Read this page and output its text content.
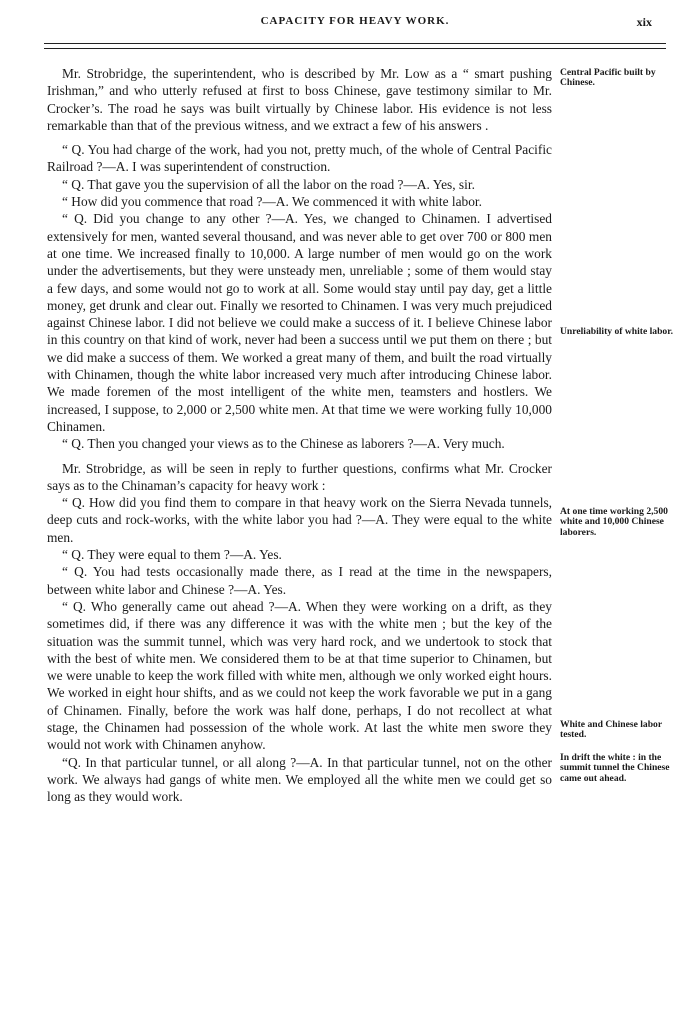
CAPACITY FOR HEAVY WORK.	xix

Mr. Strobridge, the superintendent, who is described by Mr. Low as a “ smart pushing Irishman,” and who utterly refused at first to boss Chinese, gave testimony similar to Mr. Crocker’s. The road he says was built virtually by Chinese labor. His evidence is not less remarkable than that of the previous witness, and we extract a few of his answers .

“ Q. You had charge of the work, had you not, pretty much, of the whole of Central Pacific Railroad ?—A. I was superintendent of construction.

“ Q. That gave you the supervision of all the labor on the road ?—A. Yes, sir.

“ How did you commence that road ?—A. We commenced it with white labor.

“ Q. Did you change to any other ?—A. Yes, we changed to Chinamen. I advertised extensively for men, wanted several thousand, and was never able to get over 700 or 800 men at one time. We increased finally to 10,000. A large number of men would go on the work under the advertisements, but they were unsteady men, unreliable ; some of them would stay a few days, and some would not go to work at all. Some would stay until pay day, get a little money, get drunk and clear out. Finally we resorted to Chinamen. I was very much prejudiced against Chinese labor. I did not believe we could make a success of it. I believe Chinese labor in this country on that kind of work, never had been a success until we put them on there ; but we did make a success of them. We worked a great many of them, and built the road virtually with Chinamen, though the white labor increased very much after introducing Chinese labor. We made foremen of the most intelligent of the white men, teamsters and hostlers. We increased, I suppose, to 2,000 or 2,500 white men. At that time we were working fully 10,000 Chinamen.

“ Q. Then you changed your views as to the Chinese as laborers ?—A. Very much.

Mr. Strobridge, as will be seen in reply to further questions, confirms what Mr. Crocker says as to the Chinaman’s capacity for heavy work :

“ Q. How did you find them to compare in that heavy work on the Sierra Nevada tunnels, deep cuts and rock-works, with the white labor you had ?—A. They were equal to the white men.

“ Q. They were equal to them ?—A. Yes.

“ Q. You had tests occasionally made there, as I read at the time in the newspapers, between white labor and Chinese ?—A. Yes.

“ Q. Who generally came out ahead ?—A. When they were working on a drift, as they sometimes did, if there was any difference it was with the white men ; but the key of the situation was the summit tunnel, which was very hard rock, and we undertook to stock that with the best of white men. We considered them to be at that time superior to Chinamen, but we were unable to keep the work filled with white men, although we only worked eight hours. We worked in eight hour shifts, and as we could not keep the work favorable we put in a gang of Chinamen. Finally, before the work was half done, perhaps, I do not recollect at what stage, the Chinamen had possession of the whole work. At last the white men swore they would not work with Chinamen anyhow.

“Q. In that particular tunnel, or all along ?—A. In that particular tunnel, not on the other work. We always had gangs of white men. We employed all the white men we could get so long as they would work.

Central Pacific built by Chinese.
Unreliability of white labor.
At one time working 2,500 white and 10,000 Chinese laborers.
White and Chinese labor tested.
In drift the white : in the summit tunnel the Chinese came out ahead.
